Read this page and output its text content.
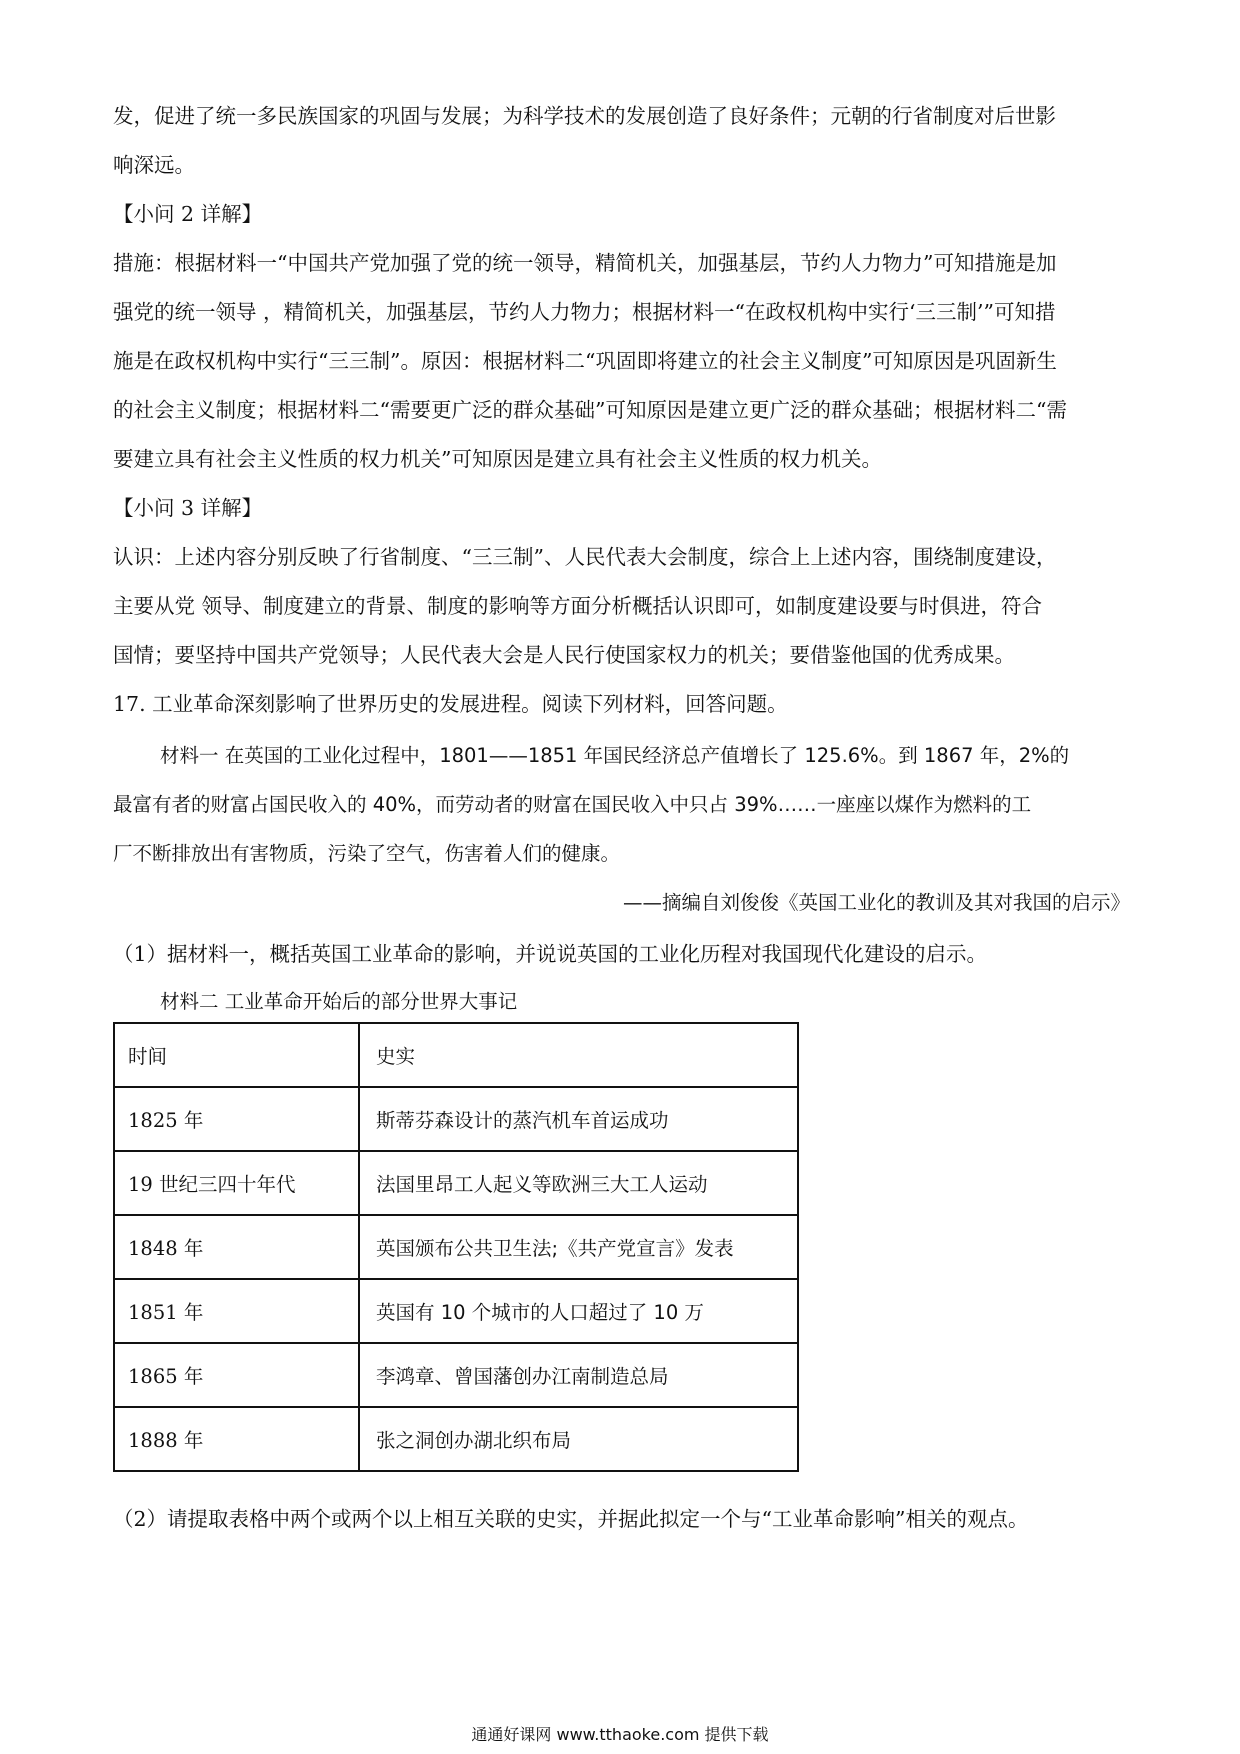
发，促进了统一多民族国家的巩固与发展；为科学技术的发展创造了良好条件；元朝的行省制度对后世影
响深远。
【小问 2 详解】
措施：根据材料一“中国共产党加强了党的统一领导，精简机关，加强基层，节约人力物力”可知措施是加
强党的统一领导 ，精简机关，加强基层，节约人力物力；根据材料一“在政权机构中实行‘三三制’”可知措
施是在政权机构中实行“三三制”。原因：根据材料二“巩固即将建立的社会主义制度”可知原因是巩固新生
的社会主义制度；根据材料二“需要更广泛的群众基础”可知原因是建立更广泛的群众基础；根据材料二“需
要建立具有社会主义性质的权力机关”可知原因是建立具有社会主义性质的权力机关。
【小问 3 详解】
认识：上述内容分别反映了行省制度、“三三制”、人民代表大会制度，综合上上述内容，围绕制度建设，
主要从党 领导、制度建立的背景、制度的影响等方面分析概括认识即可，如制度建设要与时俱进，符合
国情；要坚持中国共产党领导；人民代表大会是人民行使国家权力的机关；要借鉴他国的优秀成果。
17. 工业革命深刻影响了世界历史的发展进程。阅读下列材料，回答问题。
材料一 在英国的工业化过程中，1801——1851 年国民经济总产值增长了 125.6%。到 1867 年，2%的
最富有者的财富占国民收入的 40%，而劳动者的财富在国民收入中只占 39%……一座座以煤作为燃料的工
厂不断排放出有害物质，污染了空气，伤害着人们的健康。
——摘编自刘俊俊《英国工业化的教训及其对我国的启示》
（1）据材料一，概括英国工业革命的影响，并说说英国的工业化历程对我国现代化建设的启示。
材料二 工业革命开始后的部分世界大事记
时间	史实
1825 年	斯蒂芬森设计的蒸汽机车首运成功
19 世纪三四十年代	法国里昂工人起义等欧洲三大工人运动
1848 年	英国颁布公共卫生法;《共产党宣言》发表
1851 年	英国有 10 个城市的人口超过了 10 万
1865 年	李鸿章、曾国藩创办江南制造总局
1888 年	张之洞创办湖北织布局
（2）请提取表格中两个或两个以上相互关联的史实，并据此拟定一个与“工业革命影响”相关的观点。
通通好课网 www.tthaoke.com 提供下载
